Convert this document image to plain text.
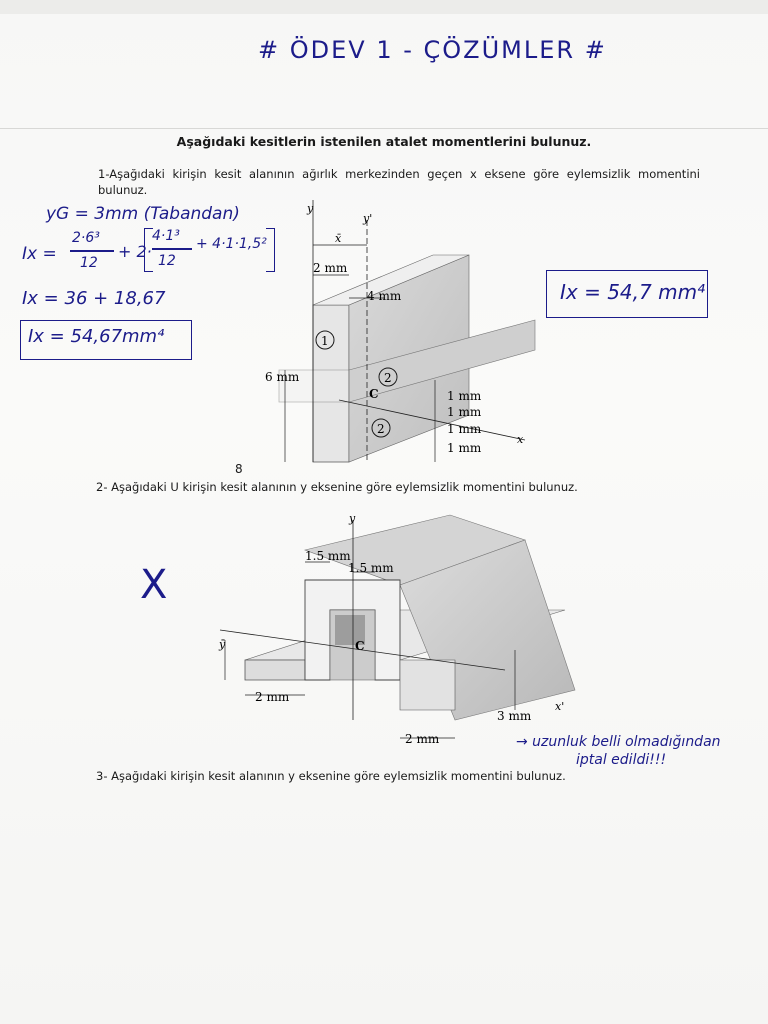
# ÖDEV 1 - ÇÖZÜMLER #
Aşağıdaki kesitlerin istenilen atalet momentlerini bulunuz.
1-Aşağıdaki kirişin kesit alanının ağırlık merkezinden geçen x eksene göre eylemsizlik momentini bulunuz.
yG = 3mm (Tabandan)
Ix =
2·6³
12
+ 2·
4·1³
12
+ 4·1·1,5²
Ix = 36 + 18,67
Ix = 54,67mm⁴
Ix = 54,7 mm⁴
y
y'
x̄
2 mm
4 mm
6 mm
C
x
1 mm
1 mm
1 mm
1 mm
1
2
2
8
2- Aşağıdaki U kirişin kesit alanının y eksenine göre eylemsizlik momentini bulunuz.
y
ȳ
1.5 mm
1.5 mm
C
2 mm
2 mm
3 mm
x'
X
→ uzunluk belli olmadığından
iptal edildi!!!
3- Aşağıdaki kirişin kesit alanının y eksenine göre eylemsizlik momentini bulunuz.
